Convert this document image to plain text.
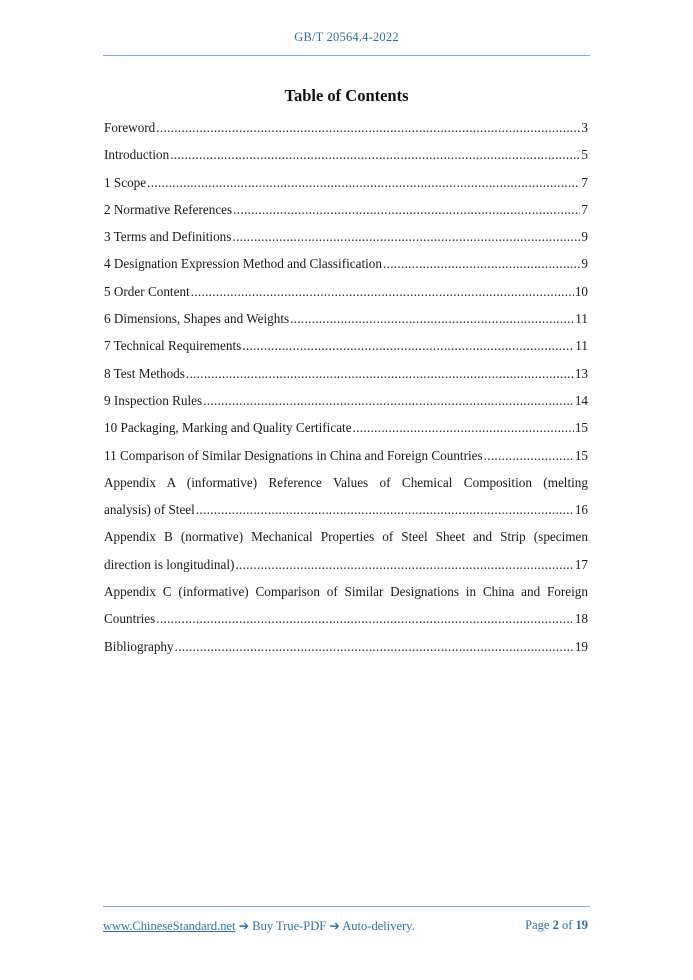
GB/T 20564.4-2022
Table of Contents
Foreword .....	3
Introduction .....	5
1 Scope .....	7
2 Normative References .....	7
3 Terms and Definitions .....	9
4 Designation Expression Method and Classification .....	9
5 Order Content .....	10
6 Dimensions, Shapes and Weights .....	11
7 Technical Requirements .....	11
8 Test Methods .....	13
9 Inspection Rules .....	14
10 Packaging, Marking and Quality Certificate .....	15
11 Comparison of Similar Designations in China and Foreign Countries .....	15
Appendix A (informative) Reference Values of Chemical Composition (melting
analysis) of Steel .....	16
Appendix B (normative) Mechanical Properties of Steel Sheet and Strip (specimen
direction is longitudinal) .....	17
Appendix C (informative) Comparison of Similar Designations in China and Foreign
Countries .....	18
Bibliography .....	19
www.ChineseStandard.net ➔ Buy True-PDF ➔ Auto-delivery.	Page 2 of 19
